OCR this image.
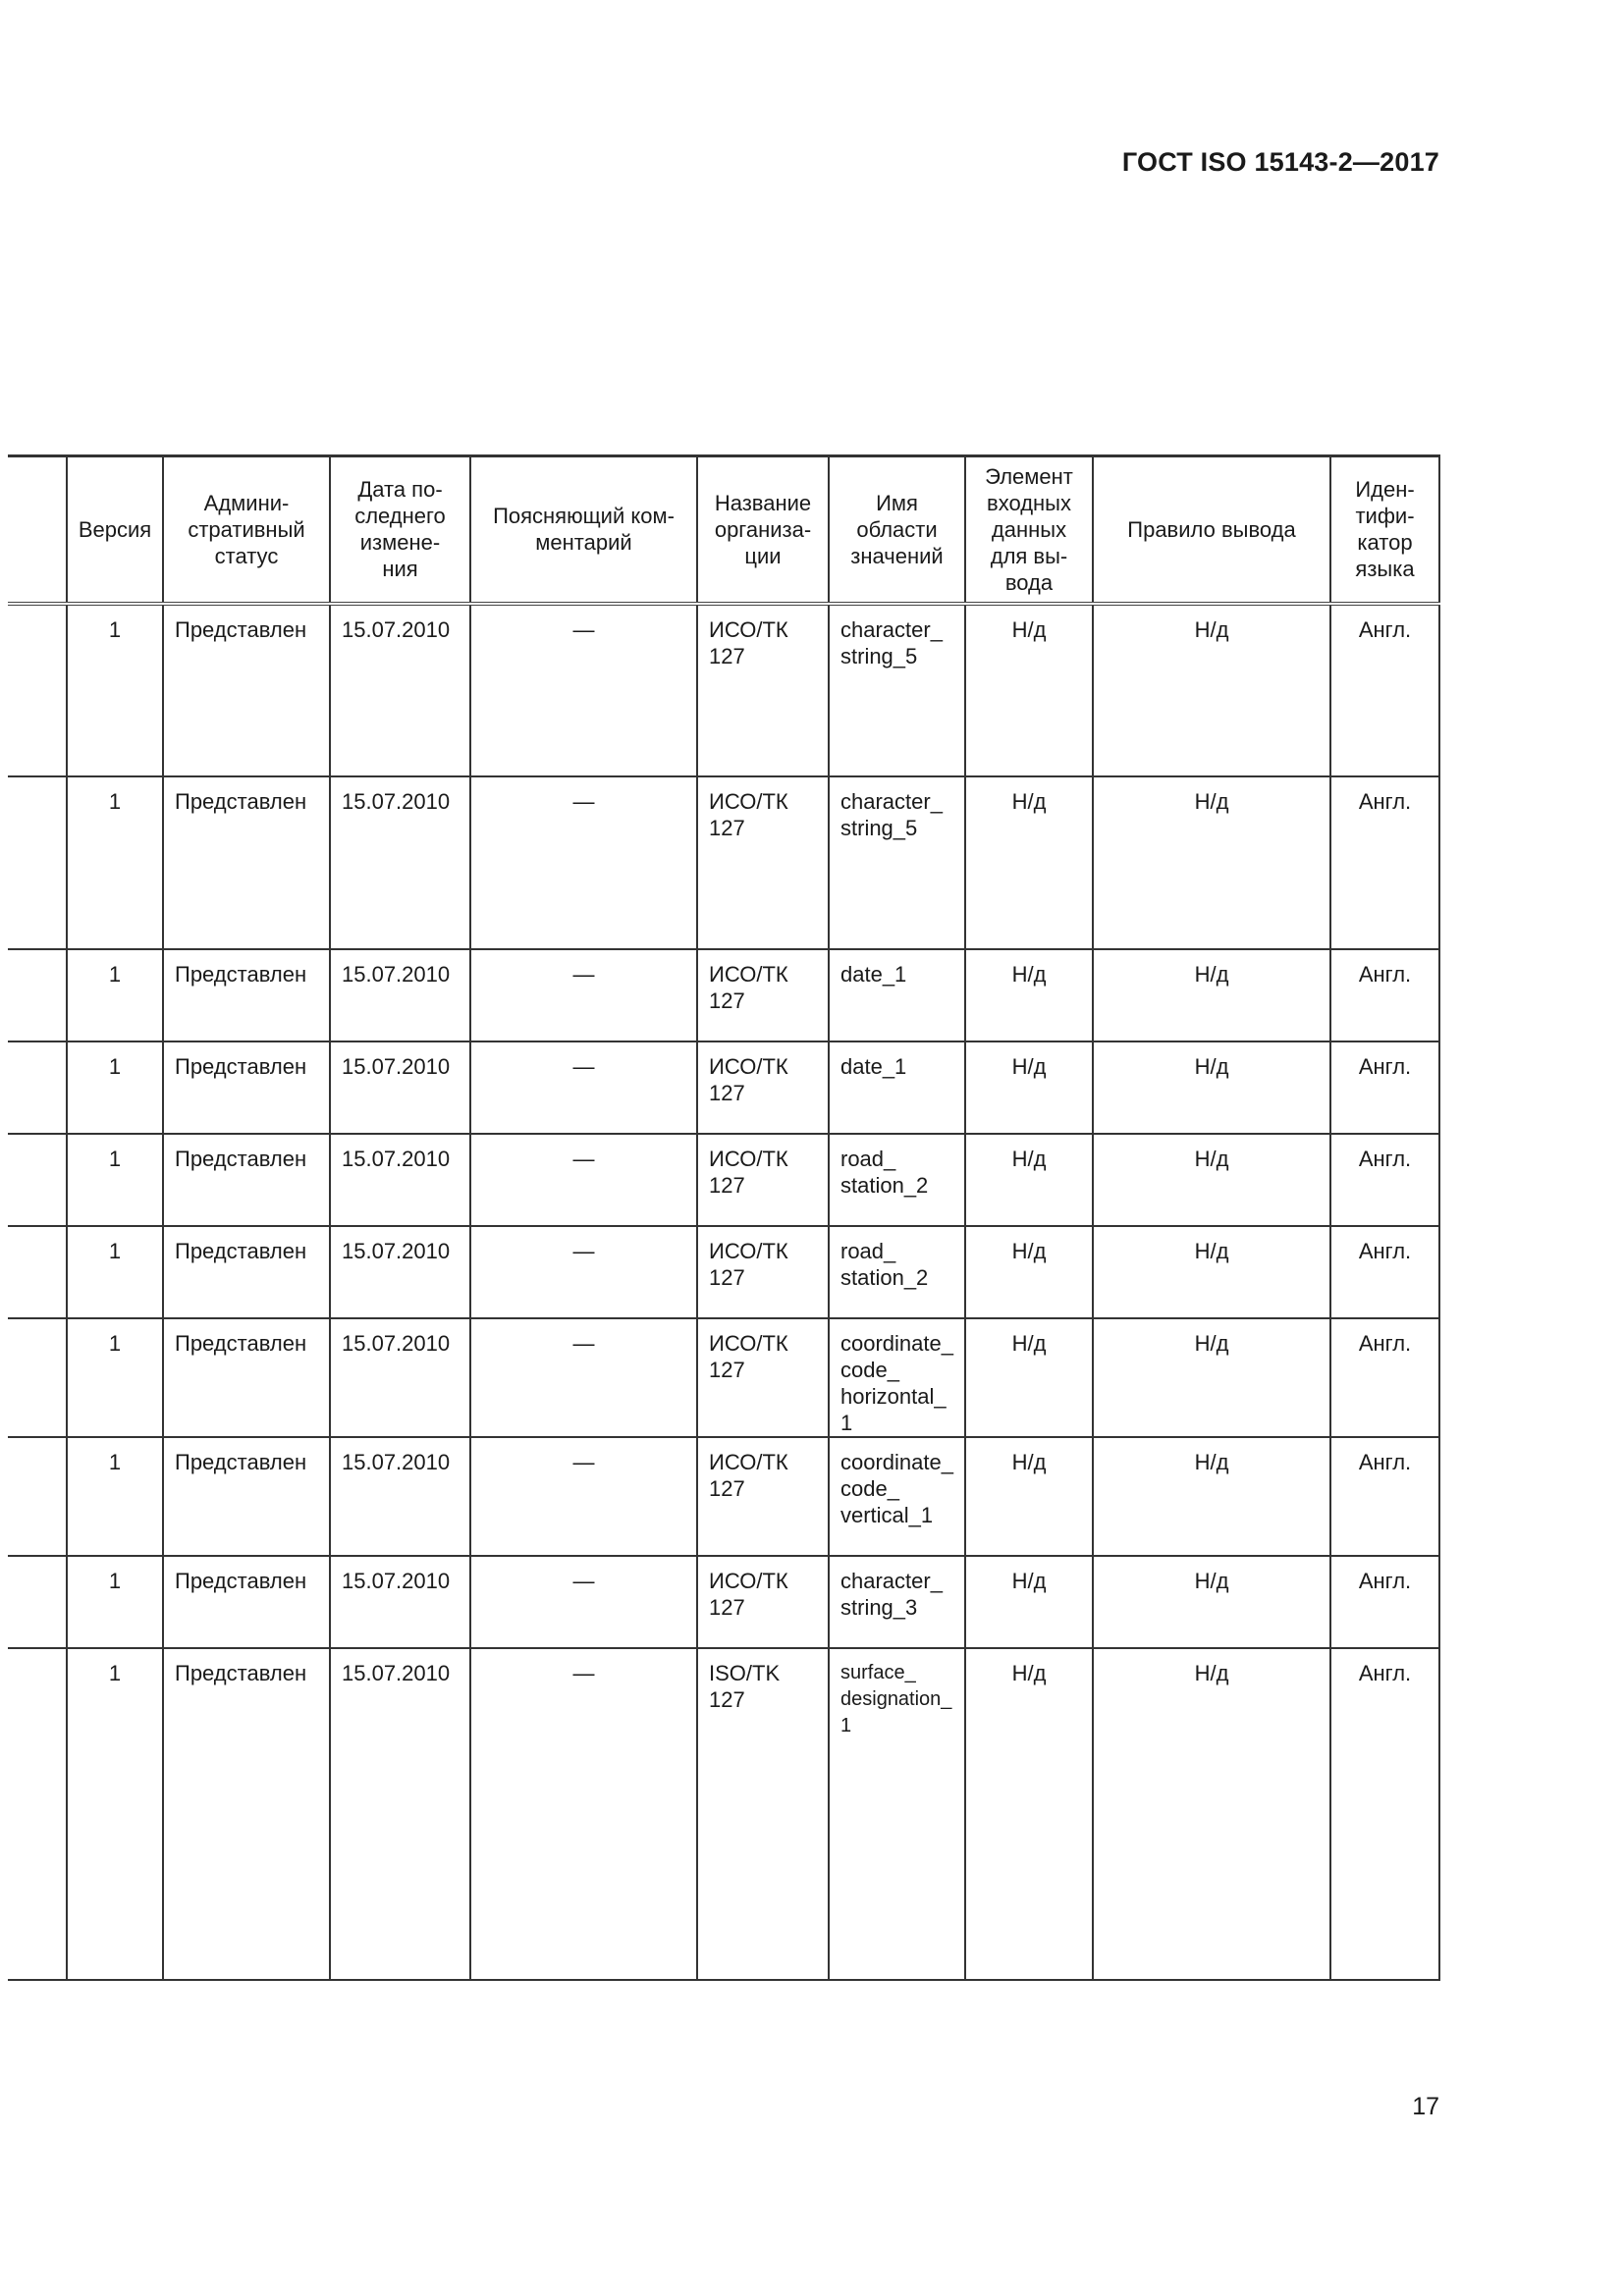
ГОСТ ISO 15143-2—2017
	Версия	Админи-
стративный
статус	Дата по-
следнего
измене-
ния	Поясняющий ком-
ментарий	Название
организа-
ции	Имя
области
значений	Элемент
входных
данных
для вы-
вода	Правило вывода	Иден-
тифи-
катор
языка
	1	Представлен	15.07.2010	—	ИСО/ТК
127	character_
string_5	Н/д	Н/д	Англ.
	1	Представлен	15.07.2010	—	ИСО/ТК
127	character_
string_5	Н/д	Н/д	Англ.
	1	Представлен	15.07.2010	—	ИСО/ТК
127	date_1	Н/д	Н/д	Англ.
	1	Представлен	15.07.2010	—	ИСО/ТК
127	date_1	Н/д	Н/д	Англ.
	1	Представлен	15.07.2010	—	ИСО/ТК
127	road_
station_2	Н/д	Н/д	Англ.
	1	Представлен	15.07.2010	—	ИСО/ТК
127	road_
station_2	Н/д	Н/д	Англ.
	1	Представлен	15.07.2010	—	ИСО/ТК
127	coordinate_
code_
horizontal_1	Н/д	Н/д	Англ.
	1	Представлен	15.07.2010	—	ИСО/ТК
127	coordinate_
code_
vertical_1	Н/д	Н/д	Англ.
	1	Представлен	15.07.2010	—	ИСО/ТК
127	character_
string_3	Н/д	Н/д	Англ.
	1	Представлен	15.07.2010	—	ISO/TK
127	surface_
designation_1	Н/д	Н/д	Англ.
17
